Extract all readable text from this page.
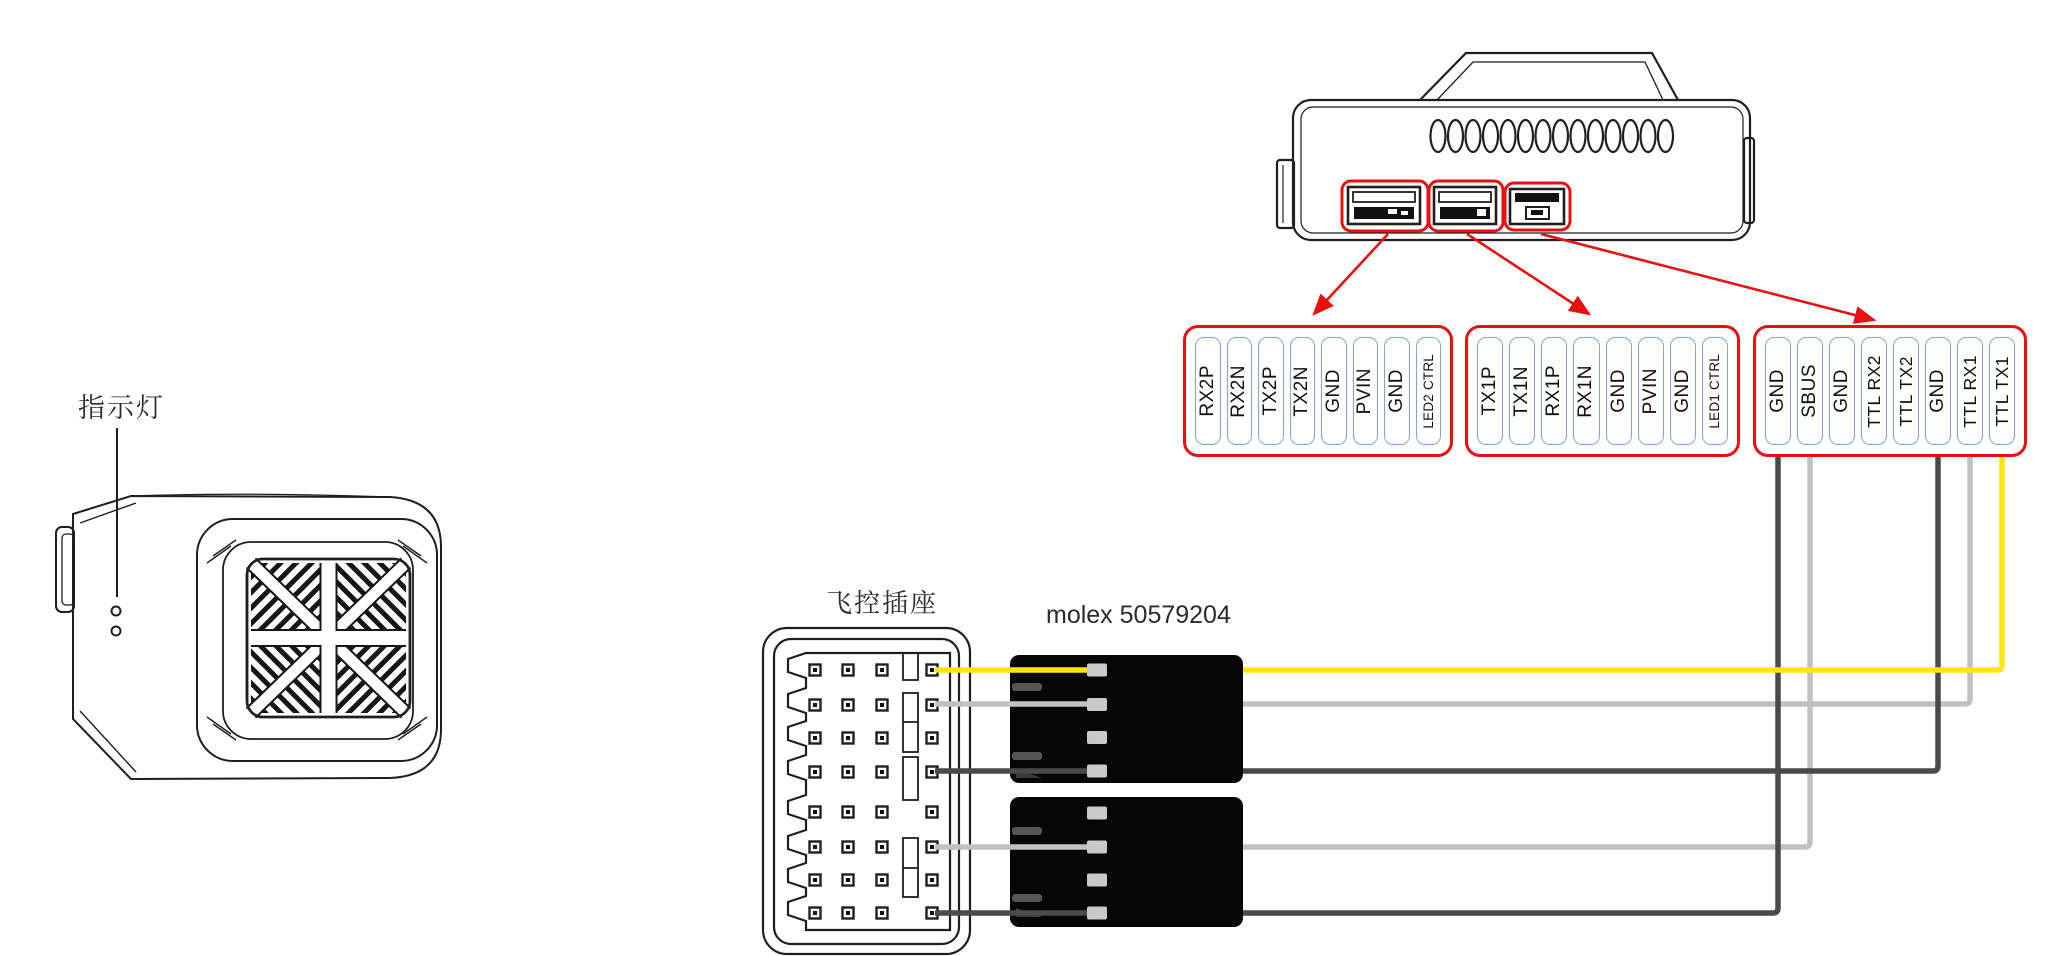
指示灯
飞控插座	molex 50579204
RX2P RX2N TX2P TX2N GND PVIN GND LED2 CTRL TX1P TX1N RX1P RX1N GND PVIN GND LED1 CTRL GND SBUS GND TTL RX2 TTL TX2 GND TTL RX1 TTL TX1
